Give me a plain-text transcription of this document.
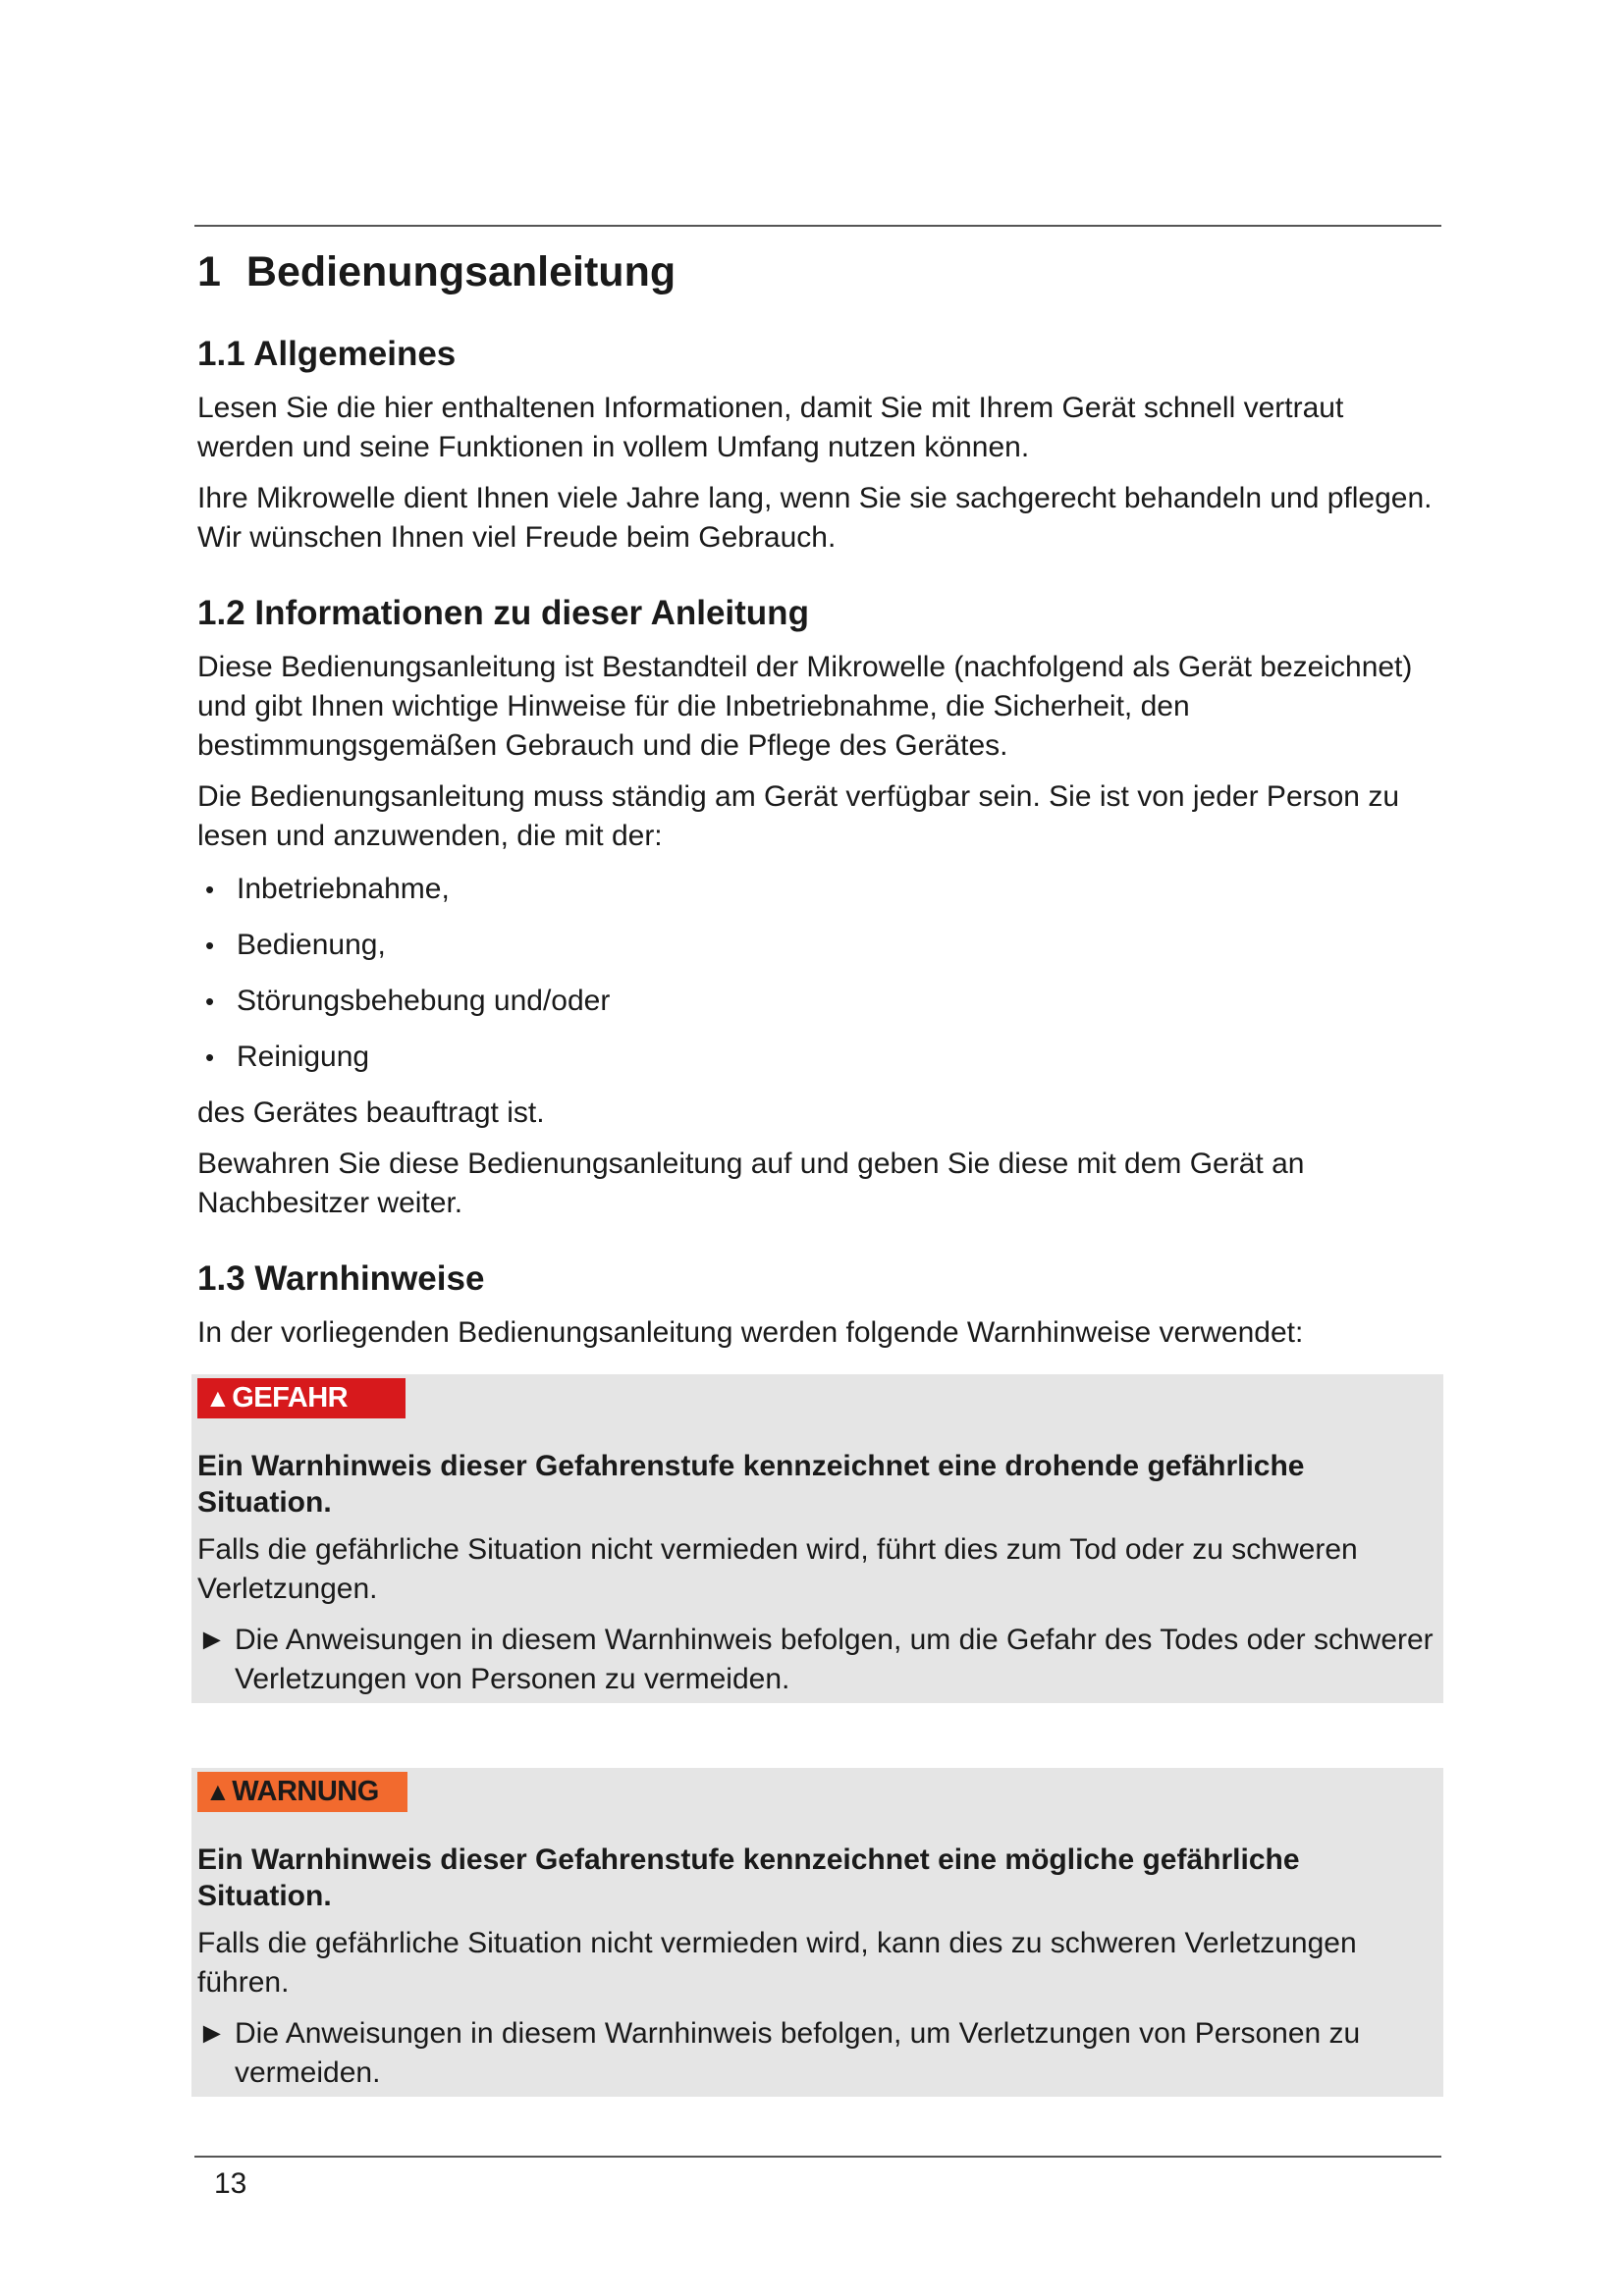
1 Bedienungsanleitung
1.1 Allgemeines

Lesen Sie die hier enthaltenen Informationen, damit Sie mit Ihrem Gerät schnell vertraut werden und seine Funktionen in vollem Umfang nutzen können.

Ihre Mikrowelle dient Ihnen viele Jahre lang, wenn Sie sie sachgerecht behandeln und pflegen. Wir wünschen Ihnen viel Freude beim Gebrauch.

1.2 Informationen zu dieser Anleitung

Diese Bedienungsanleitung ist Bestandteil der Mikrowelle (nachfolgend als Gerät bezeichnet) und gibt Ihnen wichtige Hinweise für die Inbetriebnahme, die Sicherheit, den bestimmungsgemäßen Gebrauch und die Pflege des Gerätes.

Die Bedienungsanleitung muss ständig am Gerät verfügbar sein. Sie ist von jeder Person zu lesen und anzuwenden, die mit der:

• Inbetriebnahme,
• Bedienung,
• Störungsbehebung und/oder
• Reinigung

des Gerätes beauftragt ist.

Bewahren Sie diese Bedienungsanleitung auf und geben Sie diese mit dem Gerät an Nachbesitzer weiter.

1.3 Warnhinweise

In der vorliegenden Bedienungsanleitung werden folgende Warnhinweise verwendet:

▲GEFAHR

Ein Warnhinweis dieser Gefahrenstufe kennzeichnet eine drohende gefährliche Situation.

Falls die gefährliche Situation nicht vermieden wird, führt dies zum Tod oder zu schweren Verletzungen.

► Die Anweisungen in diesem Warnhinweis befolgen, um die Gefahr des Todes oder schwerer Verletzungen von Personen zu vermeiden.

▲WARNUNG

Ein Warnhinweis dieser Gefahrenstufe kennzeichnet eine mögliche gefährliche Situation.

Falls die gefährliche Situation nicht vermieden wird, kann dies zu schweren Verletzungen führen.

► Die Anweisungen in diesem Warnhinweis befolgen, um Verletzungen von Personen zu vermeiden.

13
